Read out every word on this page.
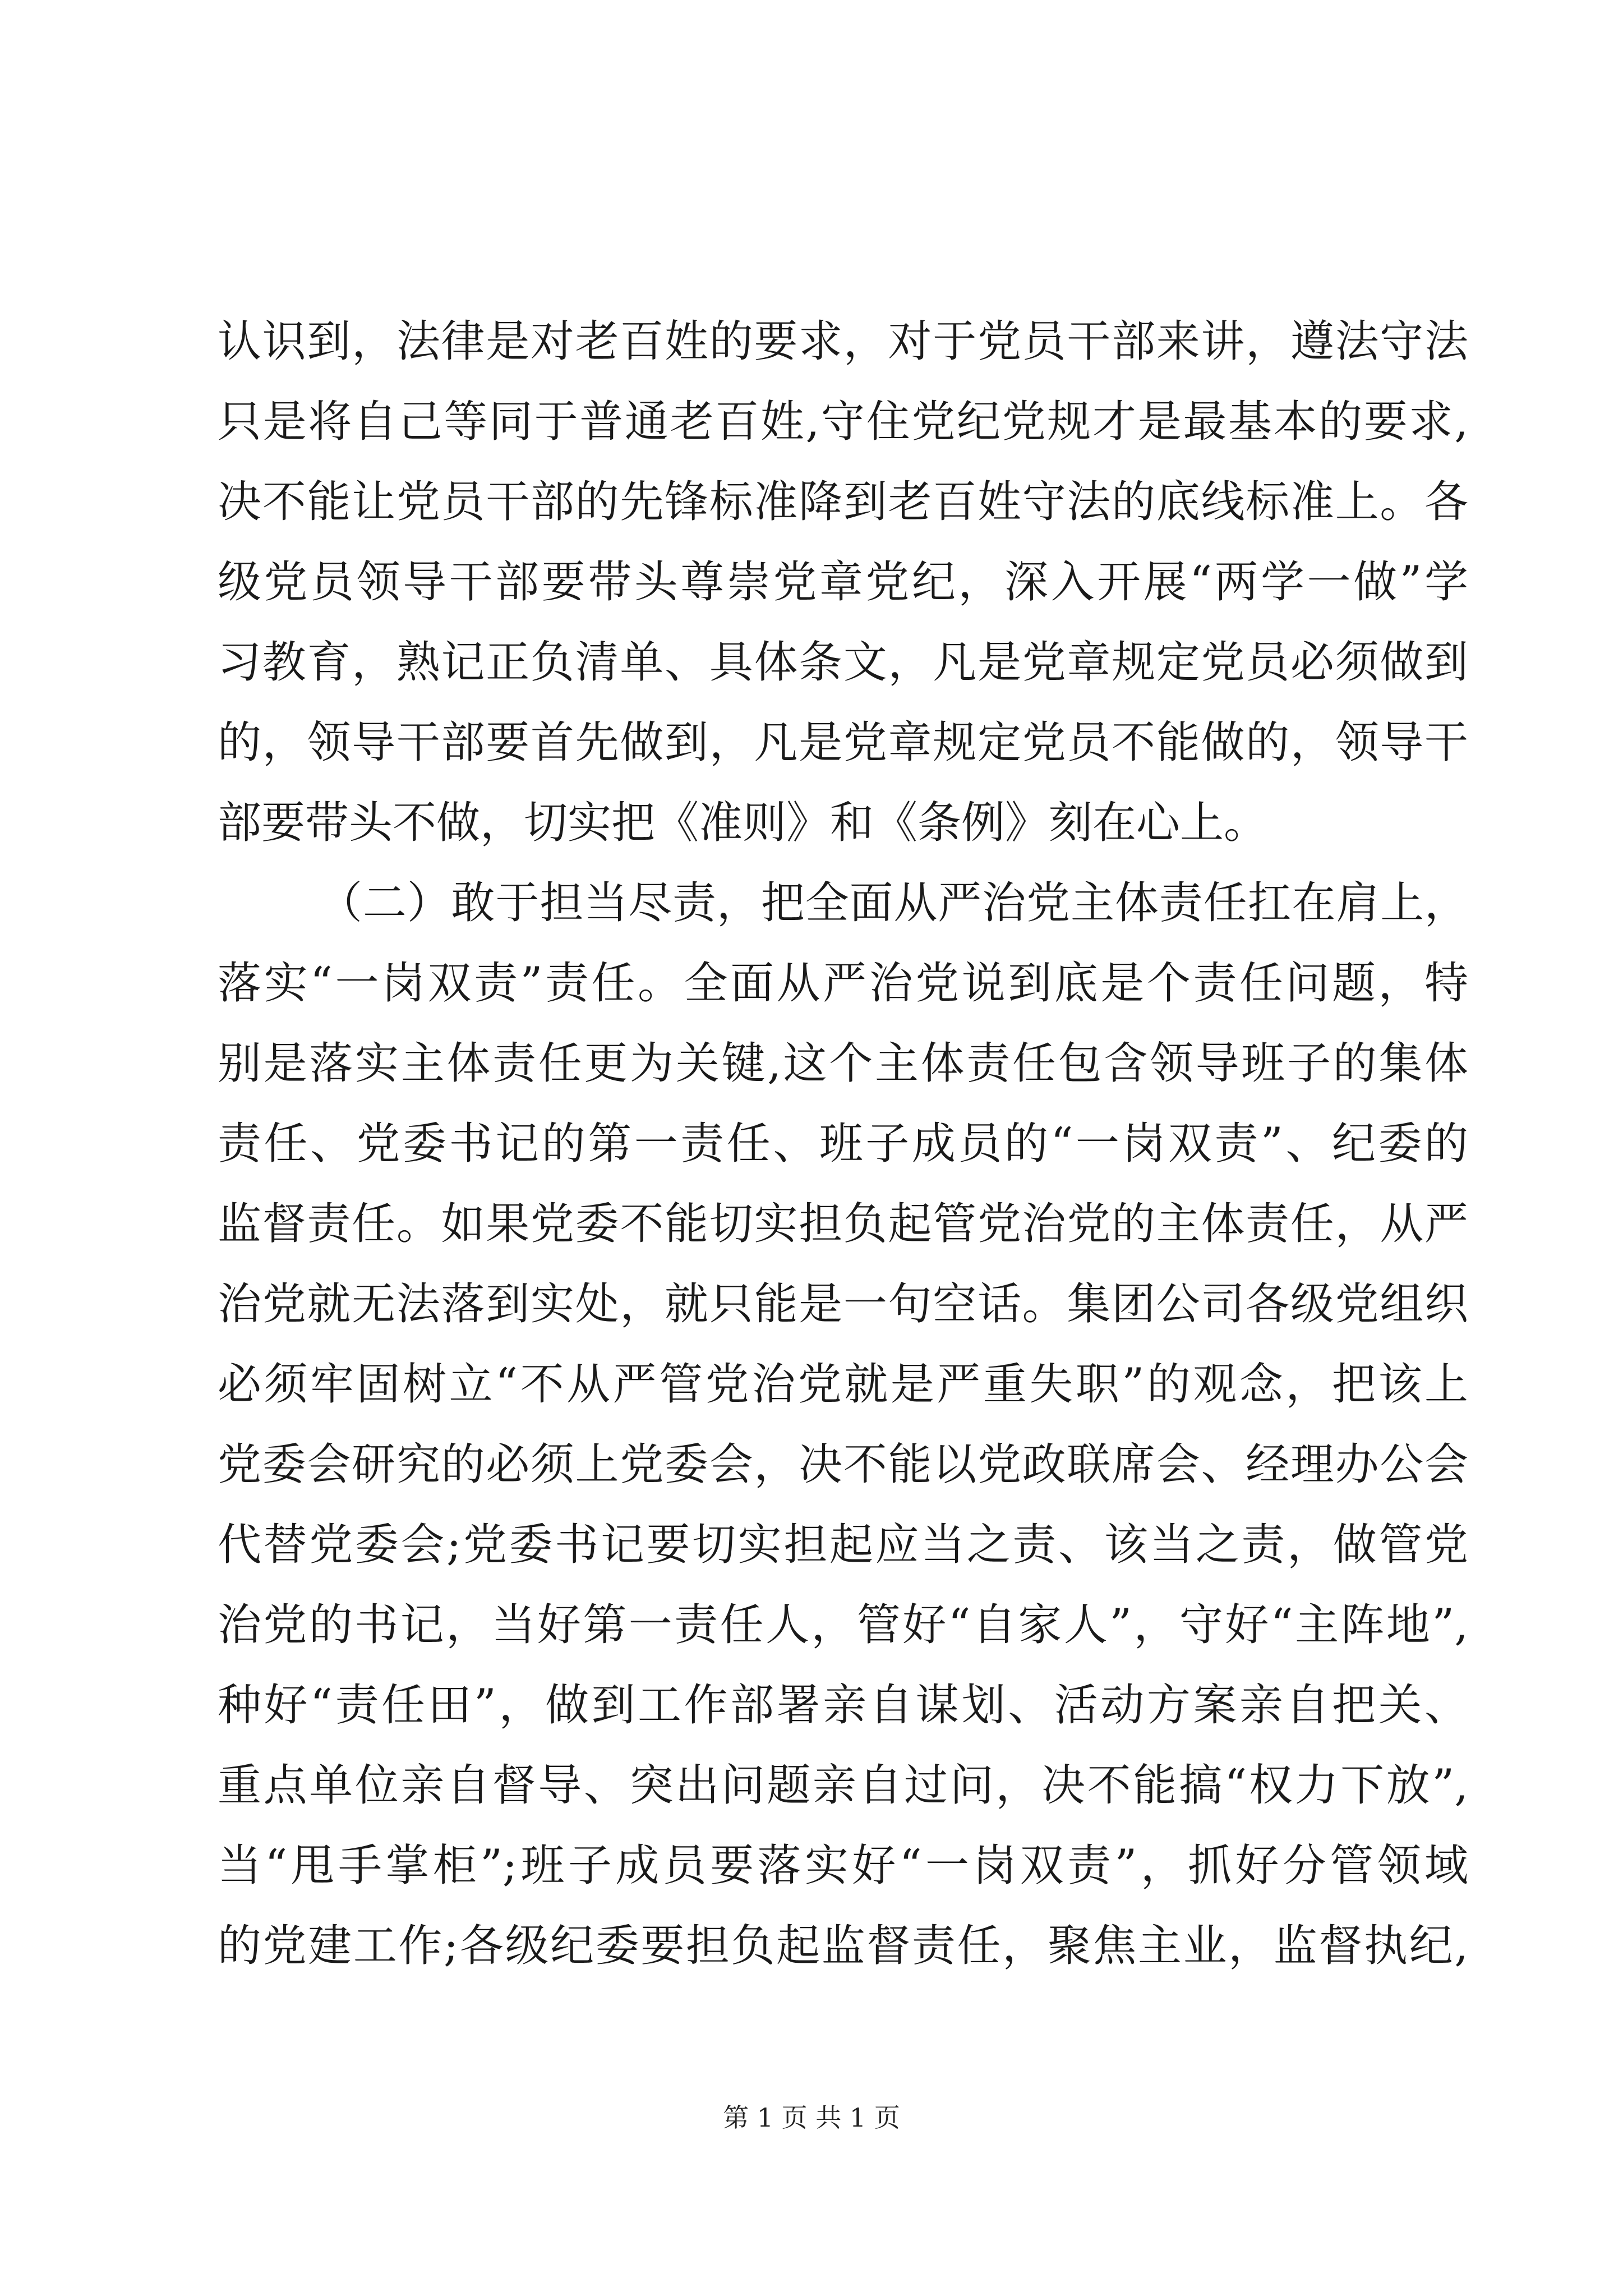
认识到，法律是对老百姓的要求，对于党员干部来讲，遵法守法
只是将自己等同于普通老百姓,守住党纪党规才是最基本的要求,
决不能让党员干部的先锋标准降到老百姓守法的底线标准上。各
级党员领导干部要带头尊崇党章党纪，深入开展“两学一做”学
习教育，熟记正负清单、具体条文，凡是党章规定党员必须做到
的，领导干部要首先做到，凡是党章规定党员不能做的，领导干
部要带头不做，切实把《准则》和《条例》刻在心上。
（二）敢于担当尽责，把全面从严治党主体责任扛在肩上，
落实“一岗双责”责任。全面从严治党说到底是个责任问题，特
别是落实主体责任更为关键,这个主体责任包含领导班子的集体
责任、党委书记的第一责任、班子成员的“一岗双责”、纪委的
监督责任。如果党委不能切实担负起管党治党的主体责任，从严
治党就无法落到实处，就只能是一句空话。集团公司各级党组织
必须牢固树立“不从严管党治党就是严重失职”的观念，把该上
党委会研究的必须上党委会，决不能以党政联席会、经理办公会
代替党委会;党委书记要切实担起应当之责、该当之责，做管党
治党的书记，当好第一责任人，管好“自家人”，守好“主阵地”,
种好“责任田”，做到工作部署亲自谋划、活动方案亲自把关、
重点单位亲自督导、突出问题亲自过问，决不能搞“权力下放”,
当“甩手掌柜”;班子成员要落实好“一岗双责”，抓好分管领域
的党建工作;各级纪委要担负起监督责任，聚焦主业，监督执纪,
第 1 页 共 1 页
